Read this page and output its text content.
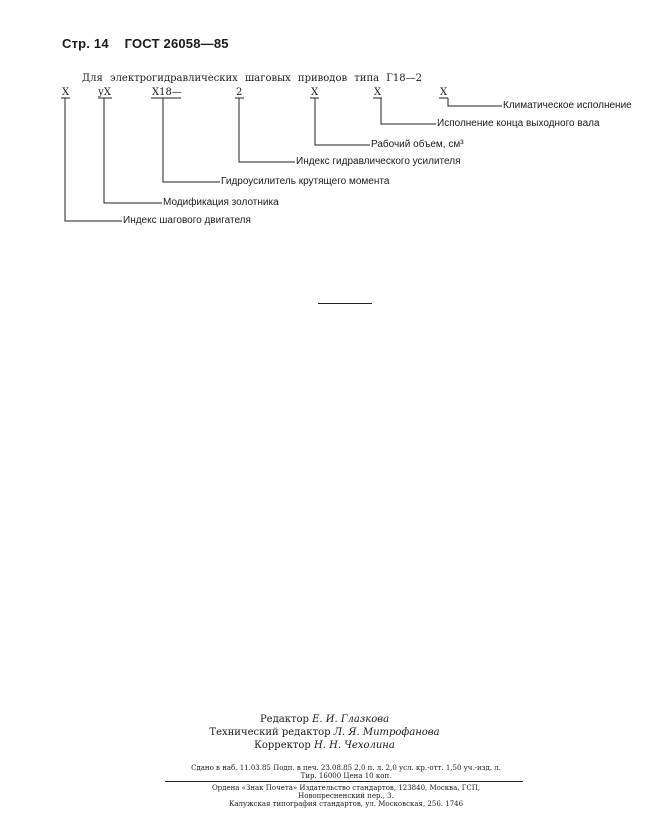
Стр. 14 ГОСТ 26058—85
Для электрогидравлических шаговых приводов типа Г18—2
Х	уХ	Х18—	2	Х	Х	Х
Климатическое исполнение
Исполнение конца выходного вала
Рабочий объем, см³
Индекс гидравлического усилителя
Гидроусилитель крутящего момента
Модификация золотника
Индекс шагового двигателя
Редактор Е. И. Глазкова
Технический редактор Л. Я. Митрофанова
Корректор Н. Н. Чехолина
Сдано в наб. 11.03.85 Подп. в печ. 23.08.85 2,0 п. л. 2,0 усл. кр.-отт. 1,50 уч.-изд. л.
Тир. 16000 Цена 10 коп.
Ордена «Знак Почета» Издательство стандартов, 123840, Москва, ГСП,
Новопресненский пер., 3.
Калужская типография стандартов, ул. Московская, 256. 1746
